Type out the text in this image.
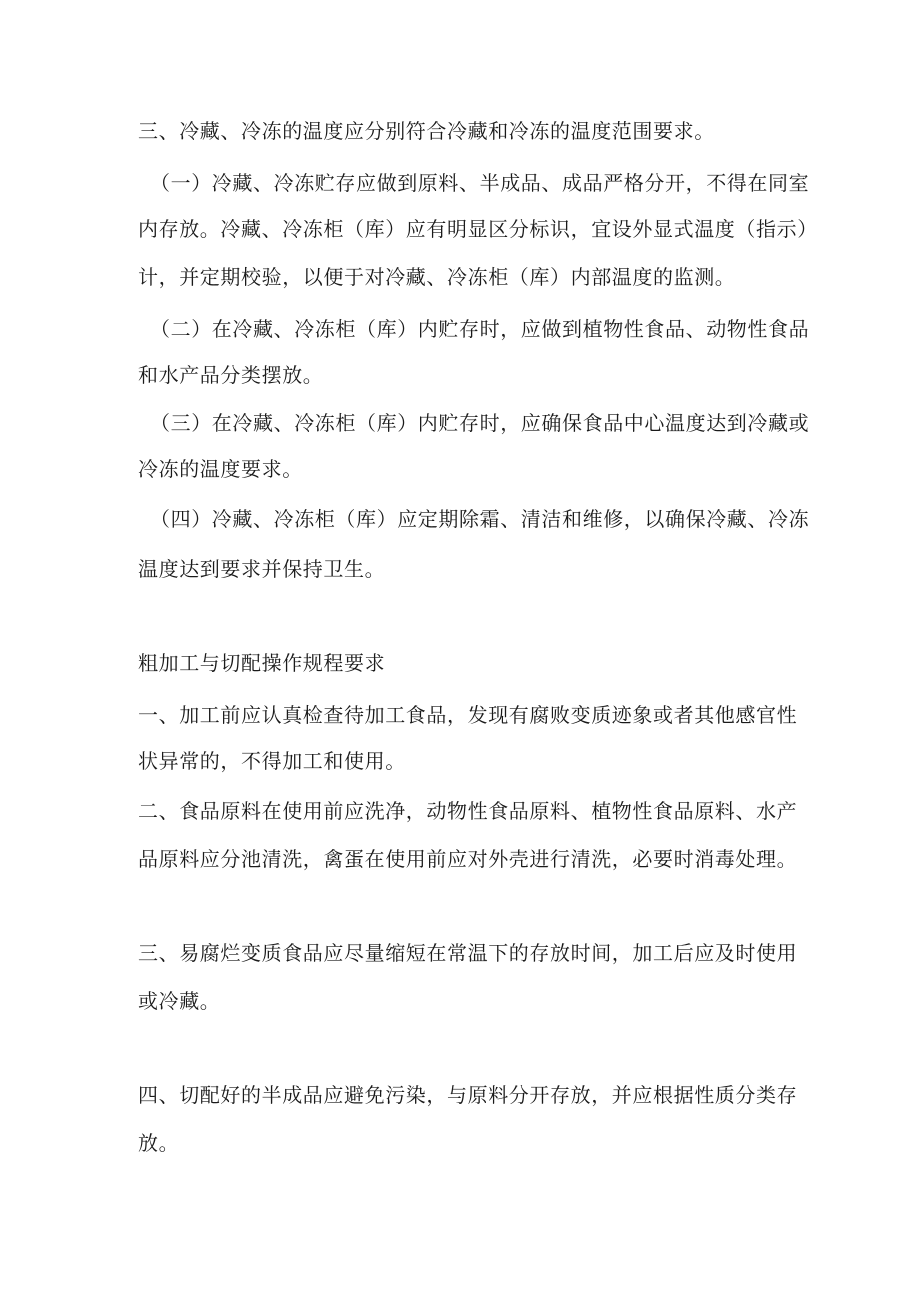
三、冷藏、冷冻的温度应分别符合冷藏和冷冻的温度范围要求。
（一）冷藏、冷冻贮存应做到原料、半成品、成品严格分开，不得在同室
内存放。冷藏、冷冻柜（库）应有明显区分标识，宜设外显式温度（指示）
计，并定期校验，以便于对冷藏、冷冻柜（库）内部温度的监测。
（二）在冷藏、冷冻柜（库）内贮存时，应做到植物性食品、动物性食品
和水产品分类摆放。
（三）在冷藏、冷冻柜（库）内贮存时，应确保食品中心温度达到冷藏或
冷冻的温度要求。
（四）冷藏、冷冻柜（库）应定期除霜、清洁和维修，以确保冷藏、冷冻
温度达到要求并保持卫生。
粗加工与切配操作规程要求
一、加工前应认真检查待加工食品，发现有腐败变质迹象或者其他感官性
状异常的，不得加工和使用。
二、食品原料在使用前应洗净，动物性食品原料、植物性食品原料、水产
品原料应分池清洗，禽蛋在使用前应对外壳进行清洗，必要时消毒处理。
三、易腐烂变质食品应尽量缩短在常温下的存放时间，加工后应及时使用
或冷藏。
四、切配好的半成品应避免污染，与原料分开存放，并应根据性质分类存
放。
